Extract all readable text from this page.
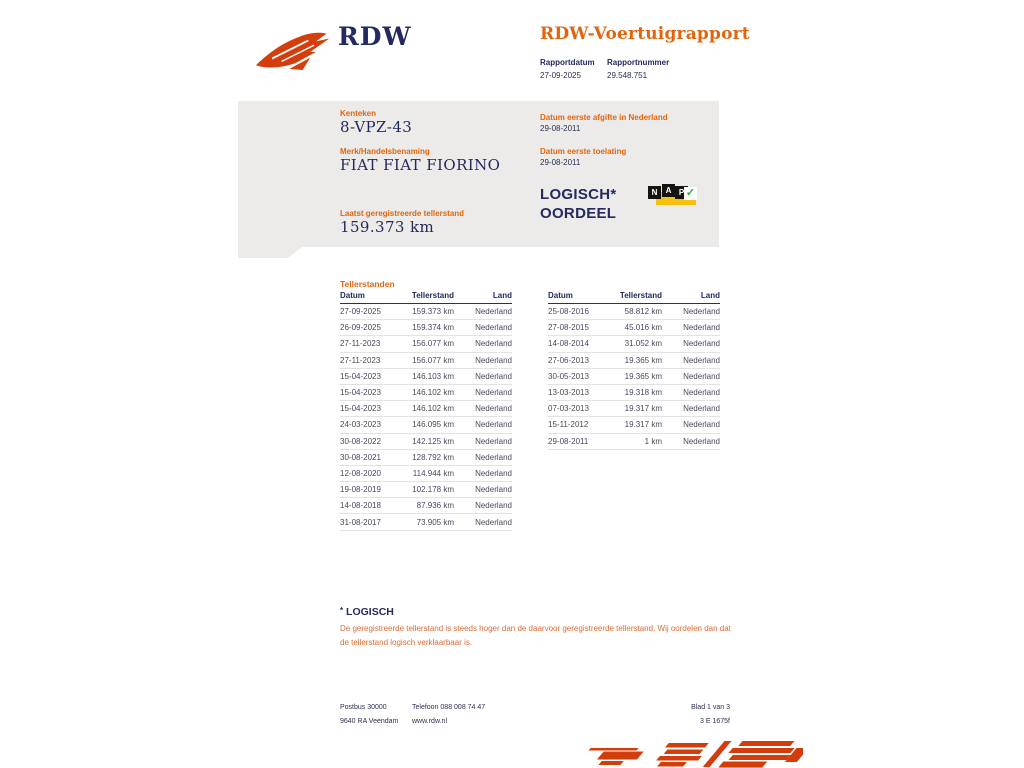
RDW	RDW-Voertuigrapport
Rapportdatum
27-09-2025
Rapportnummer
29.548.751
Kenteken
8-VPZ-43
Merk/Handelsbenaming
FIAT FIAT FIORINO
Laatst geregistreerde tellerstand
159.373 km
Datum eerste afgifte in Nederland
29-08-2011
Datum eerste toelating
29-08-2011
LOGISCH*
OORDEEL
N	A P ✓
Tellerstanden
Datum	Tellerstand	Land
27-09-2025	159.373 km	Nederland
26-09-2025	159.374 km	Nederland
27-11-2023	156.077 km	Nederland
27-11-2023	156.077 km	Nederland
15-04-2023	146.103 km	Nederland
15-04-2023	146.102 km	Nederland
15-04-2023	146.102 km	Nederland
24-03-2023	146.095 km	Nederland
30-08-2022	142.125 km	Nederland
30-08-2021	128.792 km	Nederland
12-08-2020	114.944 km	Nederland
19-08-2019	102.178 km	Nederland
14-08-2018	87.936 km	Nederland
31-08-2017	73.905 km	Nederland
Datum	Tellerstand	Land
25-08-2016	58.812 km	Nederland
27-08-2015	45.016 km	Nederland
14-08-2014	31.052 km	Nederland
27-06-2013	19.365 km	Nederland
30-05-2013	19.365 km	Nederland
13-03-2013	19.318 km	Nederland
07-03-2013	19.317 km	Nederland
15-11-2012	19.317 km	Nederland
29-08-2011	1 km	Nederland
* LOGISCH
De geregistreerde tellerstand is steeds hoger dan de daarvoor geregistreerde tellerstand. Wij oordelen dan dat de tellerstand logisch verklaarbaar is.
Postbus 30000
9640 RA Veendam
Telefoon 088 008 74 47
www.rdw.nl
Blad 1 van 3
3 E 1675f
